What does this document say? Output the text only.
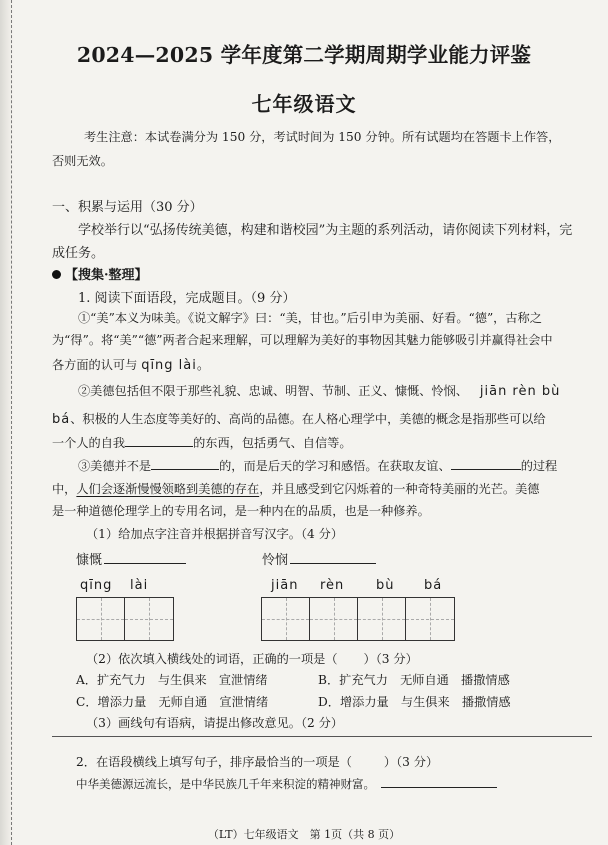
2024—2025 学年度第二学期周期学业能力评鉴
七年级语文
考生注意：本试卷满分为 150 分，考试时间为 150 分钟。所有试题均在答题卡上作答，
否则无效。
一、积累与运用（30 分）
学校举行以“弘扬传统美德，构建和谐校园”为主题的系列活动，请你阅读下列材料，完
成任务。
【搜集·整理】
1. 阅读下面语段，完成题目。（9 分）
①“美”本义为味美。《说文解字》曰：“美，甘也。”后引申为美丽、好看。“德”，古称之
为“得”。将“美”“德”两者合起来理解，可以理解为美好的事物因其魅力能够吸引并赢得社会中
各方面的认可与 qīng lài。
②美德包括但不限于那些礼貌、忠诚、明智、节制、正义、慷慨、怜悯、 jiān rèn bù
bá、积极的人生态度等美好的、高尚的品德。在人格心理学中，美德的概念是指那些可以给
一个人的自我	的东西，包括勇气、自信等。
③美德并不是	的，而是后天的学习和感悟。在获取友谊、	的过程
中，人们会逐渐慢慢领略到美德的存在，并且感受到它闪烁着的一种奇特美丽的光芒。美德
是一种道德伦理学上的专用名词，是一种内在的品质，也是一种修养。
（1）给加点字注音并根据拼音写汉字。（4 分）
慷慨	怜悯
qīng lài	jiān rèn bù bá
（2）依次填入横线处的词语，正确的一项是（ ）（3 分）
A．扩充气力　与生俱来　宣泄情绪	B．扩充气力　无师自通　播撒情感
C．增添力量　无师自通　宣泄情绪	D．增添力量　与生俱来　播撒情感
（3）画线句有语病，请提出修改意见。（2 分）
2．在语段横线上填写句子，排序最恰当的一项是（	）（3 分）
中华美德源远流长，是中华民族几千年来积淀的精神财富。
（LT）七年级语文　第 1页（共 8 页）
